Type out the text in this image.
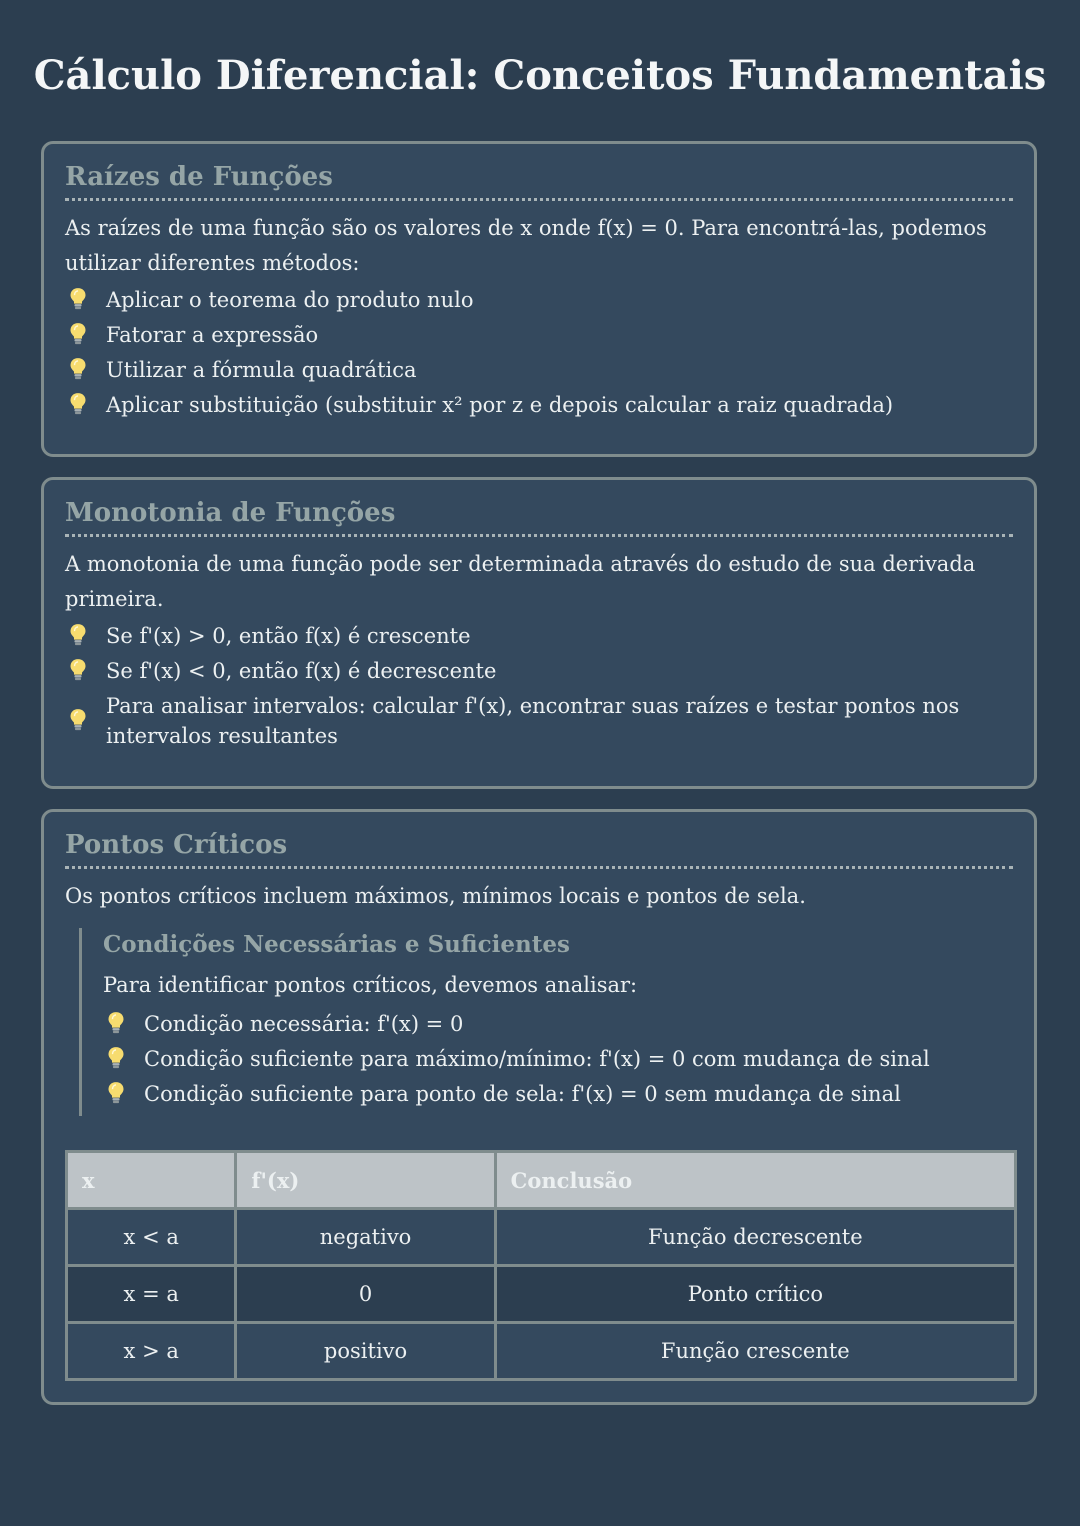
Cálculo Diferencial: Conceitos Fundamentais
Raízes de Funções

As raízes de uma função são os valores de x onde f(x) = 0. Para encontrá-las, podemos utilizar diferentes métodos:

Aplicar o teorema do produto nulo
Fatorar a expressão
Utilizar a fórmula quadrática
Aplicar substituição (substituir x² por z e depois calcular a raiz quadrada)
Monotonia de Funções

A monotonia de uma função pode ser determinada através do estudo de sua derivada primeira.

Se f'(x) > 0, então f(x) é crescente
Se f'(x) < 0, então f(x) é decrescente
Para analisar intervalos: calcular f'(x), encontrar suas raízes e testar pontos nos intervalos resultantes
Pontos Críticos

Os pontos críticos incluem máximos, mínimos locais e pontos de sela.

Condições Necessárias e Suficientes

Para identificar pontos críticos, devemos analisar:

Condição necessária: f'(x) = 0
Condição suficiente para máximo/mínimo: f'(x) = 0 com mudança de sinal
Condição suficiente para ponto de sela: f'(x) = 0 sem mudança de sinal
x	f'(x)	Conclusão
x < a	negativo	Função decrescente
x = a	0	Ponto crítico
x > a	positivo	Função crescente
